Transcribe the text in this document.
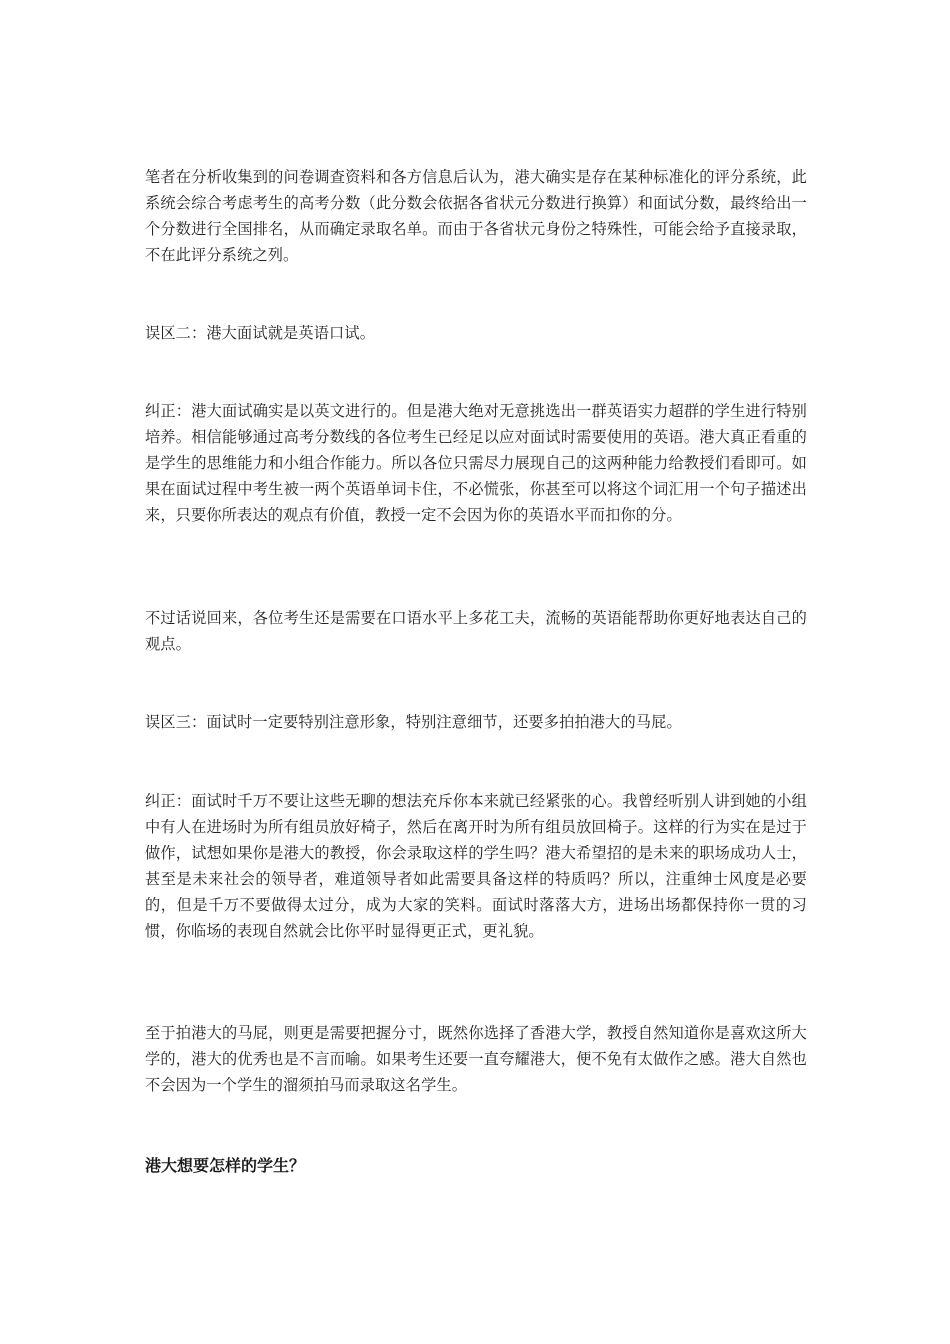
笔者在分析收集到的问卷调查资料和各方信息后认为，港大确实是存在某种标准化的评分系统，此系统会综合考虑考生的高考分数（此分数会依据各省状元分数进行换算）和面试分数，最终给出一个分数进行全国排名，从而确定录取名单。而由于各省状元身份之特殊性，可能会给予直接录取，不在此评分系统之列。

误区二：港大面试就是英语口试。

纠正：港大面试确实是以英文进行的。但是港大绝对无意挑选出一群英语实力超群的学生进行特别培养。相信能够通过高考分数线的各位考生已经足以应对面试时需要使用的英语。港大真正看重的是学生的思维能力和小组合作能力。所以各位只需尽力展现自己的这两种能力给教授们看即可。如果在面试过程中考生被一两个英语单词卡住，不必慌张，你甚至可以将这个词汇用一个句子描述出来，只要你所表达的观点有价值，教授一定不会因为你的英语水平而扣你的分。

不过话说回来，各位考生还是需要在口语水平上多花工夫，流畅的英语能帮助你更好地表达自己的观点。

误区三：面试时一定要特别注意形象，特别注意细节，还要多拍拍港大的马屁。

纠正：面试时千万不要让这些无聊的想法充斥你本来就已经紧张的心。我曾经听别人讲到她的小组中有人在进场时为所有组员放好椅子，然后在离开时为所有组员放回椅子。这样的行为实在是过于做作，试想如果你是港大的教授，你会录取这样的学生吗？港大希望招的是未来的职场成功人士，甚至是未来社会的领导者，难道领导者如此需要具备这样的特质吗？所以，注重绅士风度是必要的，但是千万不要做得太过分，成为大家的笑料。面试时落落大方，进场出场都保持你一贯的习惯，你临场的表现自然就会比你平时显得更正式，更礼貌。

至于拍港大的马屁，则更是需要把握分寸，既然你选择了香港大学，教授自然知道你是喜欢这所大学的，港大的优秀也是不言而喻。如果考生还要一直夸耀港大，便不免有太做作之感。港大自然也不会因为一个学生的溜须拍马而录取这名学生。

港大想要怎样的学生？
